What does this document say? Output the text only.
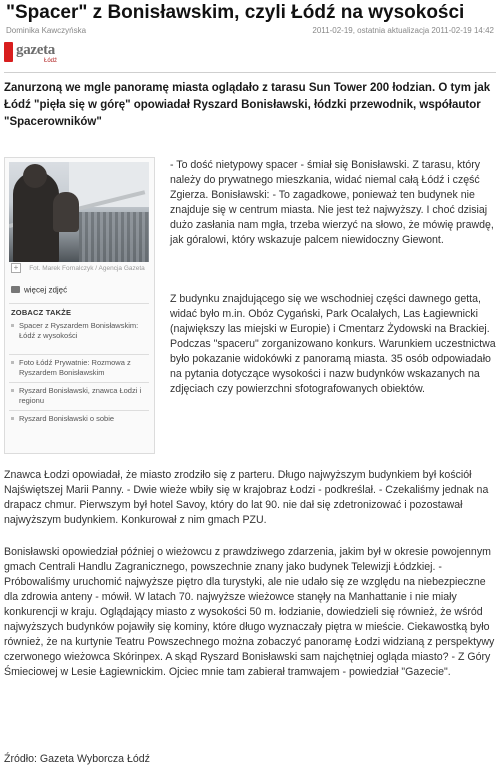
"Spacer" z Bonisławskim, czyli Łódź na wysokości
Dominika Kawczyńska	2011-02-19, ostatnia aktualizacja 2011-02-19 14:42
gazeta
Łódź
Zanurzoną we mgle panoramę miasta oglądało z tarasu Sun Tower 200 łodzian. O tym jak Łódź "pięła się w górę" opowiadał Ryszard Bonisławski, łódzki przewodnik, współautor "Spacerowników"
+	Fot. Marek Fornalczyk / Agencja Gazeta
więcej zdjęć
ZOBACZ TAKŻE
Spacer z Ryszardem Bonisławskim: Łódź z wysokości
Foto Łódź Prywatnie: Rozmowa z Ryszardem Bonisławskim
Ryszard Bonisławski, znawca Łodzi i regionu
Ryszard Bonisławski o sobie
- To dość nietypowy spacer - śmiał się Bonisławski. Z tarasu, który należy do prywatnego mieszkania, widać niemal całą Łódź i część Zgierza. Bonisławski: - To zagadkowe, ponieważ ten budynek nie znajduje się w centrum miasta. Nie jest też najwyższy. I choć dzisiaj dużo zasłania nam mgła, trzeba wierzyć na słowo, że mówię prawdę, jak góralowi, który wskazuje palcem niewidoczny Giewont.
Z budynku znajdującego się we wschodniej części dawnego getta, widać było m.in. Obóz Cygański, Park Ocalałych, Las Łagiewnicki (największy las miejski w Europie) i Cmentarz Żydowski na Brackiej. Podczas "spaceru" zorganizowano konkurs. Warunkiem uczestnictwa było pokazanie widokówki z panoramą miasta. 35 osób odpowiadało na pytania dotyczące wysokości i nazw budynków wskazanych na zdjęciach czy powierzchni sfotografowanych obiektów.
Znawca Łodzi opowiadał, że miasto zrodziło się z parteru. Długo najwyższym budynkiem był kościół Najświętszej Marii Panny. - Dwie wieże wbiły się w krajobraz Łodzi - podkreślał. - Czekaliśmy jednak na drapacz chmur. Pierwszym był hotel Savoy, który do lat 90. nie dał się zdetronizować i pozostawał najwyższym budynkiem. Konkurował z nim gmach PZU.
Bonisławski opowiedział później o wieżowcu z prawdziwego zdarzenia, jakim był w okresie powojennym gmach Centrali Handlu Zagranicznego, powszechnie znany jako budynek Telewizji Łódzkiej. - Próbowaliśmy uruchomić najwyższe piętro dla turystyki, ale nie udało się ze względu na niebezpieczne dla zdrowia anteny - mówił. W latach 70. najwyższe wieżowce stanęły na Manhattanie i nie miały konkurencji w kraju. Oglądający miasto z wysokości 50 m. łodzianie, dowiedzieli się również, że wśród najwyższych budynków pojawiły się kominy, które długo wyznaczały piętra w mieście. Ciekawostką było również, że na kurtynie Teatru Powszechnego można zobaczyć panoramę Łodzi widzianą z perspektywy czerwonego wieżowca Skórinpex. A skąd Ryszard Bonisławski sam najchętniej ogląda miasto? - Z Góry Śmieciowej w Lesie Łagiewnickim. Ojciec mnie tam zabierał tramwajem - powiedział "Gazecie".
Źródło: Gazeta Wyborcza Łódź
